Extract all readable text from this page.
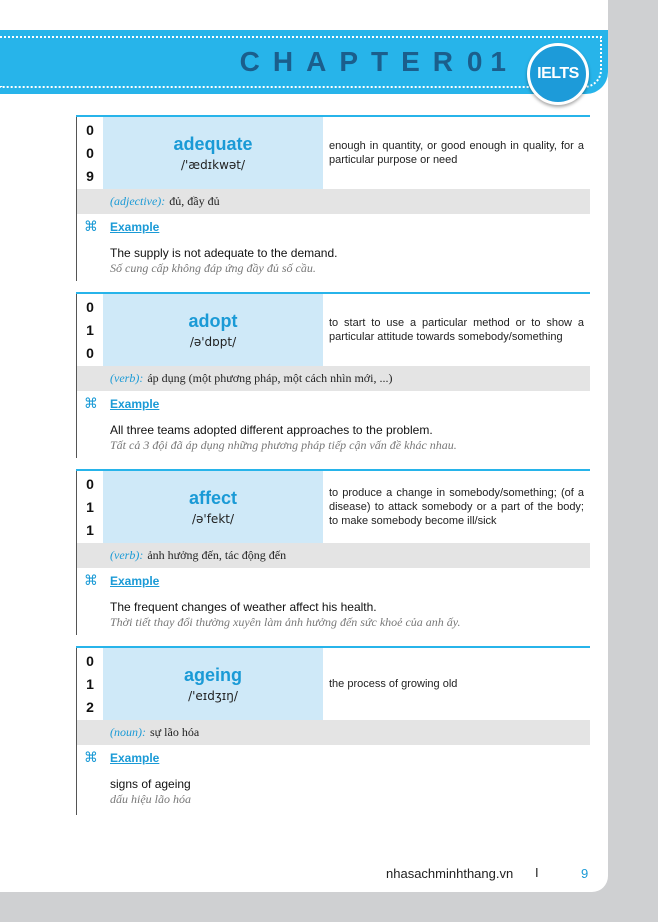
CHAPTER 01	IELTS
0
0
9
adequate
/'ædɪkwət/
enough in quantity, or good enough in quality, for a particular purpose or need
(adjective): đủ, đầy đủ
⌘	Example
The supply is not adequate to the demand.
Số cung cấp không đáp ứng đầy đủ số cầu.
0
1
0
adopt
/ə'dɒpt/
to start to use a particular method or to show a particular attitude towards somebody/something
(verb): áp dụng (một phương pháp, một cách nhìn mới, ...)
⌘	Example
All three teams adopted different approaches to the problem.
Tất cả 3 đội đã áp dụng những phương pháp tiếp cận vấn đề khác nhau.
0
1
1
affect
/ə'fekt/
to produce a change in somebody/something; (of a disease) to attack somebody or a part of the body; to make somebody become ill/sick
(verb): ảnh hưởng đến, tác động đến
⌘	Example
The frequent changes of weather affect his health.
Thời tiết thay đổi thường xuyên làm ảnh hưởng đến sức khoẻ của anh ấy.
0
1
2
ageing
/'eɪdʒɪŋ/
the process of growing old
(noun): sự lão hóa
⌘	Example
signs of ageing
dấu hiệu lão hóa
nhasachminhthang.vn I	9
